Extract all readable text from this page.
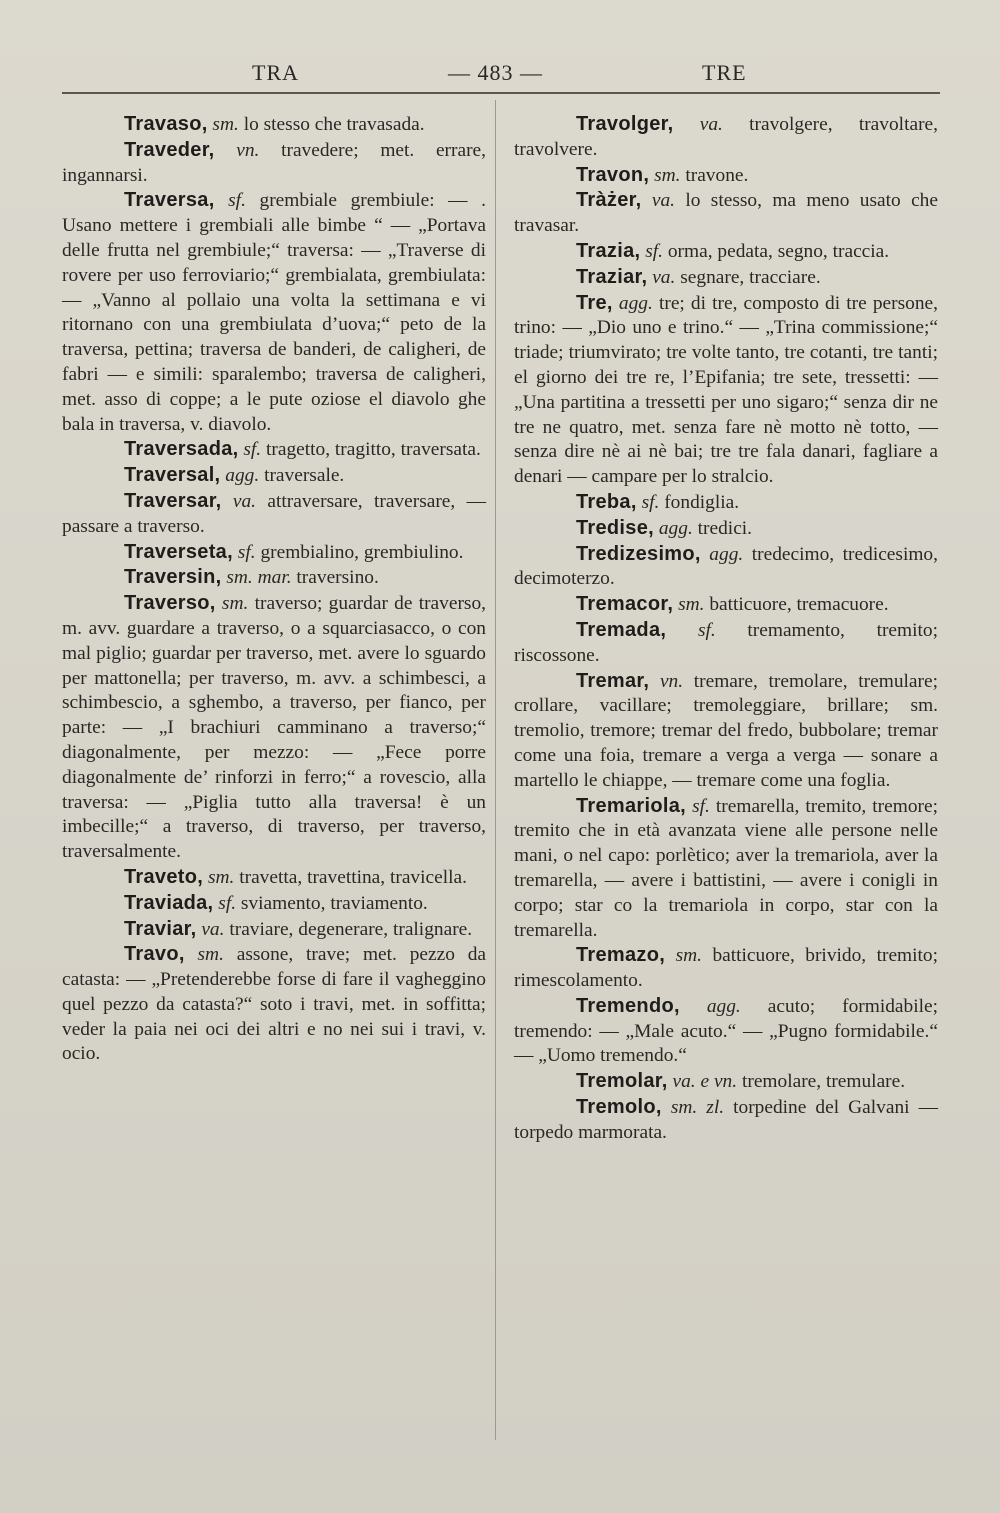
TRA	— 483 —	TRE

Travaso, sm. lo stesso che travasada.

Traveder, vn. travedere; met. errare, ingannarsi.

Traversa, sf. grembiale grembiule: — . Usano mettere i grembiali alle bimbe “ — „Portava delle frutta nel grembiule;“ traversa: — „Traverse di rovere per uso ferroviario;“ grembialata, grembiulata: — „Vanno al pollaio una volta la settimana e vi ritornano con una grembiulata d’uova;“ peto de la traversa, pettina; traversa de banderi, de caligheri, de fabri — e simili: sparalembo; traversa de caligheri, met. asso di coppe; a le pute oziose el diavolo ghe bala in traversa, v. diavolo.

Traversada, sf. tragetto, tragitto, traversata.

Traversal, agg. traversale.

Traversar, va. attraversare, traversare, — passare a traverso.

Traverseta, sf. grembialino, grembiulino.

Traversin, sm. mar. traversino.

Traverso, sm. traverso; guardar de traverso, m. avv. guardare a traverso, o a squarciasacco, o con mal piglio; guardar per traverso, met. avere lo sguardo per mattonella; per traverso, m. avv. a schimbesci, a schimbescio, a sghembo, a traverso, per fianco, per parte: — „I brachiuri camminano a traverso;“ diagonalmente, per mezzo: — „Fece porre diagonalmente de’ rinforzi in ferro;“ a rovescio, alla traversa: — „Piglia tutto alla traversa! è un imbecille;“ a traverso, di traverso, per traverso, traversalmente.

Traveto, sm. travetta, travettina, travicella.

Traviada, sf. sviamento, traviamento.

Traviar, va. traviare, degenerare, tralignare.

Travo, sm. assone, trave; met. pezzo da catasta: — „Pretenderebbe forse di fare il vagheggino quel pezzo da catasta?“ soto i travi, met. in soffitta; veder la paia nei oci dei altri e no nei sui i travi, v. ocio.

Travolger, va. travolgere, travoltare, travolvere.

Travon, sm. travone.

Tràżer, va. lo stesso, ma meno usato che travasar.

Trazia, sf. orma, pedata, segno, traccia.

Traziar, va. segnare, tracciare.

Tre, agg. tre; di tre, composto di tre persone, trino: — „Dio uno e trino.“ — „Trina commissione;“ triade; triumvirato; tre volte tanto, tre cotanti, tre tanti; el giorno dei tre re, l’Epifania; tre sete, tressetti: — „Una partitina a tressetti per uno sigaro;“ senza dir ne tre ne quatro, met. senza fare nè motto nè totto, — senza dire nè ai nè bai; tre tre fala danari, fagliare a denari — campare per lo stralcio.

Treba, sf. fondiglia.

Tredise, agg. tredici.

Tredizesimo, agg. tredecimo, tredicesimo, decimoterzo.

Tremacor, sm. batticuore, tremacuore.

Tremada, sf. tremamento, tremito; riscossone.

Tremar, vn. tremare, tremolare, tremulare; crollare, vacillare; tremoleggiare, brillare; sm. tremolio, tremore; tremar del fredo, bubbolare; tremar come una foia, tremare a verga a verga — sonare a martello le chiappe, — tremare come una foglia.

Tremariola, sf. tremarella, tremito, tremore; tremito che in età avanzata viene alle persone nelle mani, o nel capo: porlètico; aver la tremariola, aver la tremarella, — avere i battistini, — avere i conigli in corpo; star co la tremariola in corpo, star con la tremarella.

Tremazo, sm. batticuore, brivido, tremito; rimescolamento.

Tremendo, agg. acuto; formidabile; tremendo: — „Male acuto.“ — „Pugno formidabile.“ — „Uomo tremendo.“

Tremolar, va. e vn. tremolare, tremulare.

Tremolo, sm. zl. torpedine del Galvani — torpedo marmorata.
